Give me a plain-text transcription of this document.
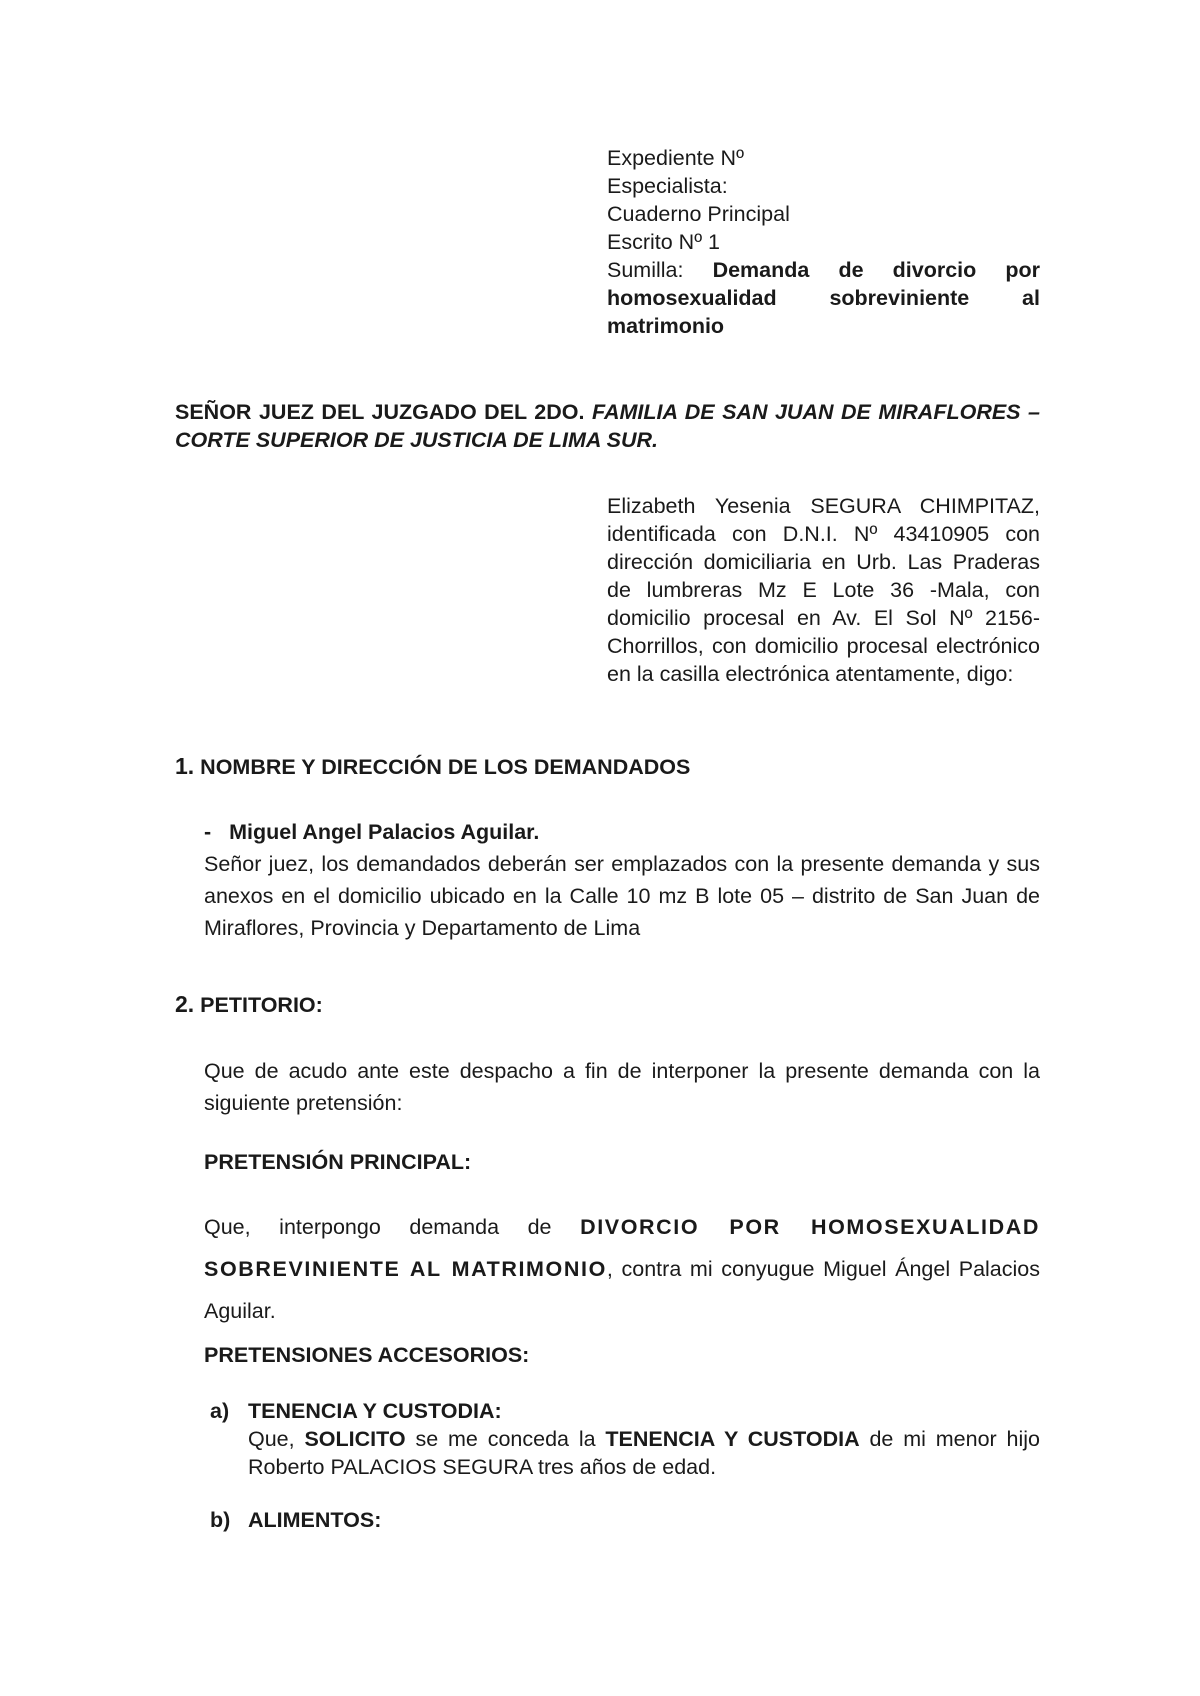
Expediente Nº
Especialista:
Cuaderno Principal
Escrito Nº 1
Sumilla: Demanda de divorcio por homosexualidad sobreviniente al matrimonio
SEÑOR JUEZ DEL JUZGADO DEL 2DO. FAMILIA DE SAN JUAN DE MIRAFLORES – CORTE SUPERIOR DE JUSTICIA DE LIMA SUR.
Elizabeth Yesenia SEGURA CHIMPITAZ, identificada con D.N.I. Nº 43410905 con dirección domiciliaria en Urb. Las Praderas de lumbreras Mz E Lote 36 -Mala, con domicilio procesal en Av. El Sol Nº 2156- Chorrillos, con domicilio procesal electrónico en la casilla electrónica atentamente, digo:
1. NOMBRE Y DIRECCIÓN DE LOS DEMANDADOS
- Miguel Angel Palacios Aguilar.
Señor juez, los demandados deberán ser emplazados con la presente demanda y sus anexos en el domicilio ubicado en la Calle 10 mz B lote 05 – distrito de San Juan de Miraflores, Provincia y Departamento de Lima
2. PETITORIO:
Que de acudo ante este despacho a fin de interponer la presente demanda con la siguiente pretensión:
PRETENSIÓN PRINCIPAL:
Que, interpongo demanda de DIVORCIO POR HOMOSEXUALIDAD SOBREVINIENTE AL MATRIMONIO, contra mi conyugue Miguel Ángel Palacios Aguilar.
PRETENSIONES ACCESORIOS:
a) TENENCIA Y CUSTODIA:
Que, SOLICITO se me conceda la TENENCIA Y CUSTODIA de mi menor hijo Roberto PALACIOS SEGURA tres años de edad.
b) ALIMENTOS:
